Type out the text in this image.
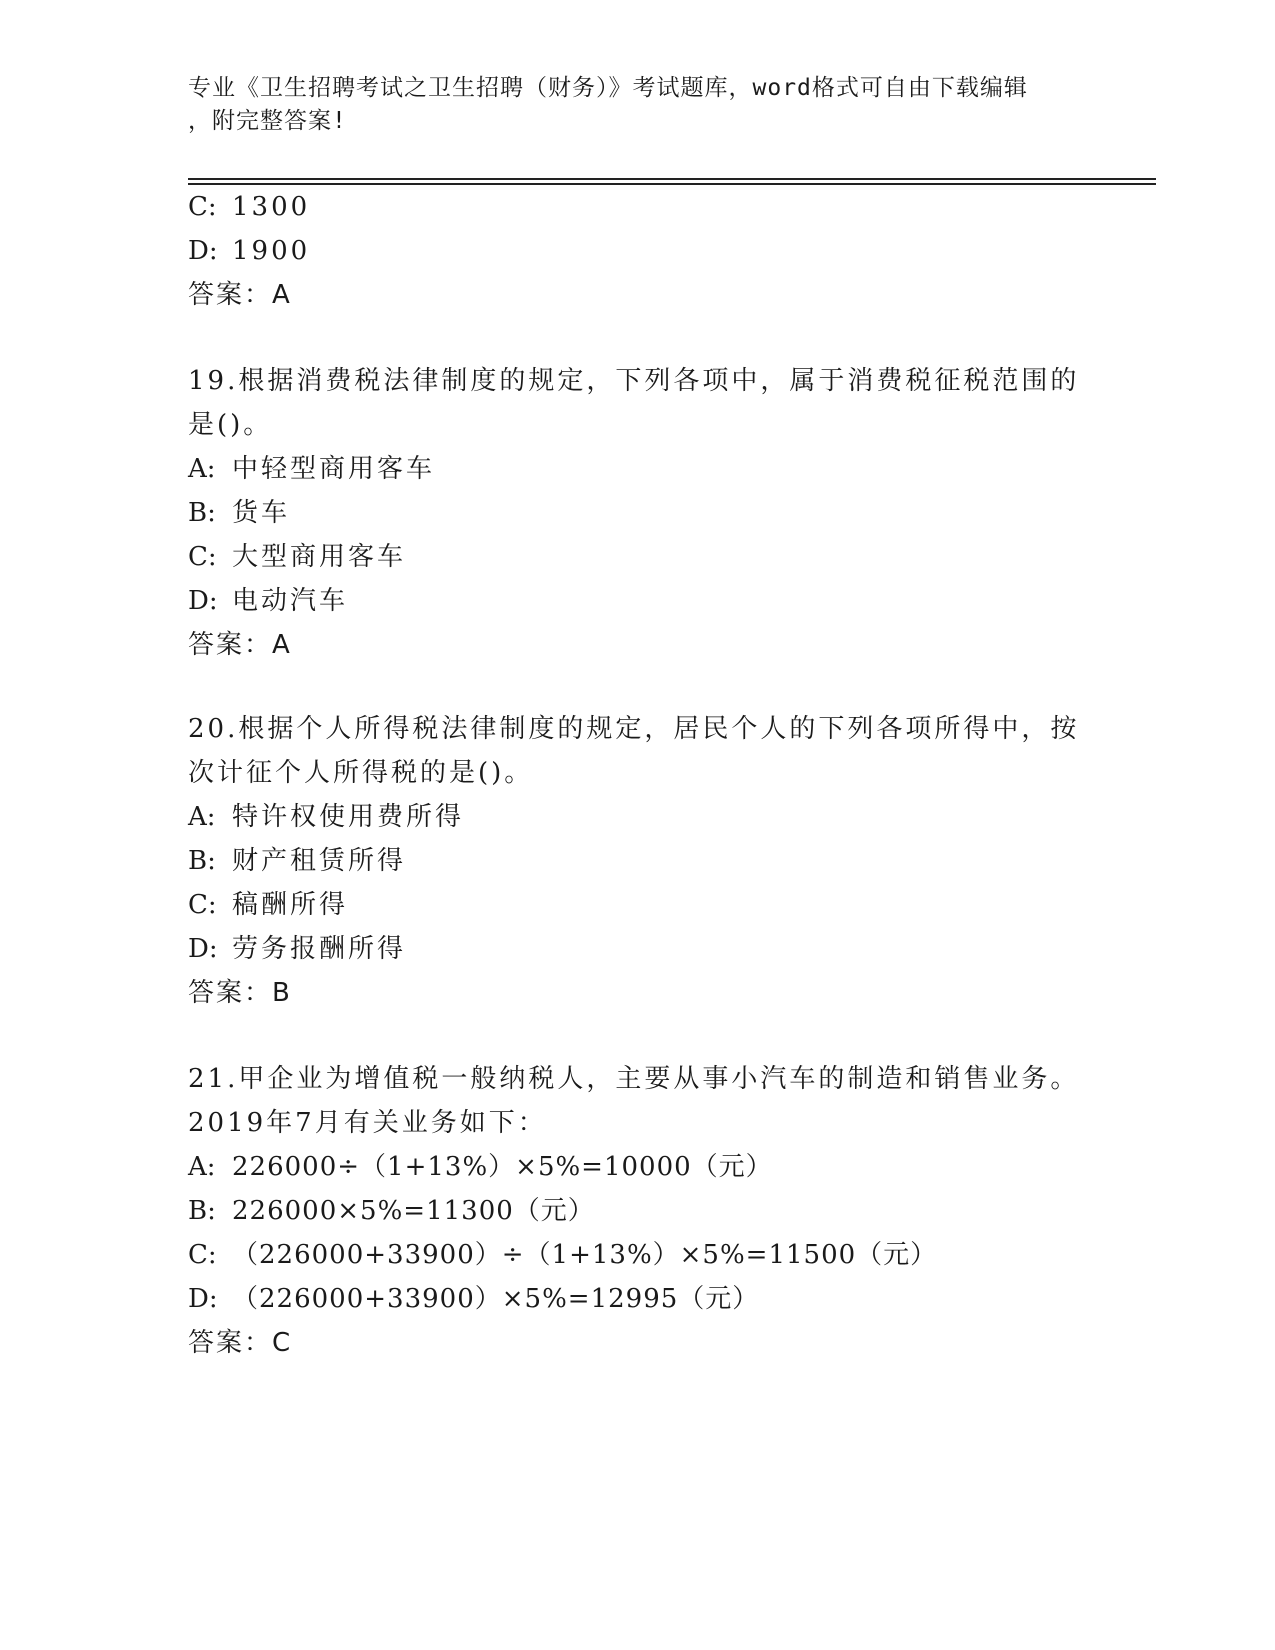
专业《卫生招聘考试之卫生招聘（财务）》考试题库，word格式可自由下载编辑
，附完整答案!
C: 1300
D: 1900
答案：A
19.根据消费税法律制度的规定，下列各项中，属于消费税征税范围的
是()。
A: 中轻型商用客车
B: 货车
C: 大型商用客车
D: 电动汽车
答案：A
20.根据个人所得税法律制度的规定，居民个人的下列各项所得中，按
次计征个人所得税的是()。
A: 特许权使用费所得
B: 财产租赁所得
C: 稿酬所得
D: 劳务报酬所得
答案：B
21.甲企业为增值税一般纳税人，主要从事小汽车的制造和销售业务。
2019年7月有关业务如下：
A: 226000÷（1+13%）×5%=10000（元）
B: 226000×5%=11300（元）
C: （226000+33900）÷（1+13%）×5%=11500（元）
D: （226000+33900）×5%=12995（元）
答案：C
